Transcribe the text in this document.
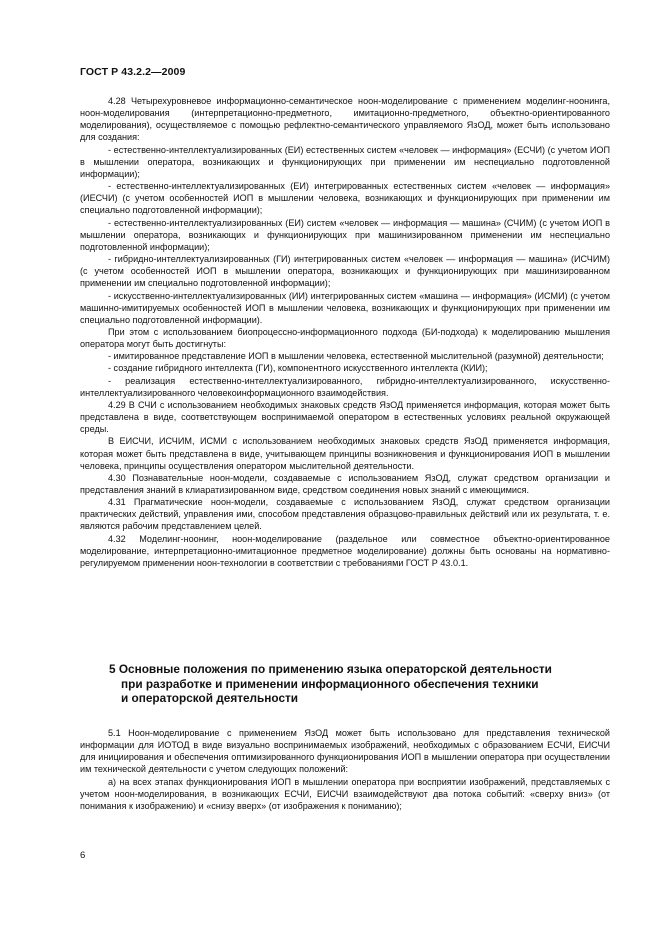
ГОСТ Р 43.2.2—2009

4.28 Четырехуровневое информационно-семантическое ноон-моделирование с применением моделинг-ноонинга, ноон-моделирования (интерпретационно-предметного, имитационно-предметного, объектно-ориентированного моделирования), осуществляемое с помощью рефлектно-семантического управляемого ЯзОД, может быть использовано для создания:

- естественно-интеллектуализированных (ЕИ) естественных систем «человек — информация» (ЕСЧИ) (с учетом ИОП в мышлении оператора, возникающих и функционирующих при применении им неспециально подготовленной информации);

- естественно-интеллектуализированных (ЕИ) интегрированных естественных систем «человек — информация» (ИЕСЧИ) (с учетом особенностей ИОП в мышлении человека, возникающих и функционирующих при применении им специально подготовленной информации);

- естественно-интеллектуализированных (ЕИ) систем «человек — информация — машина» (СЧИМ) (с учетом ИОП в мышлении оператора, возникающих и функционирующих при машинизированном применении им неспециально подготовленной информации);

- гибридно-интеллектуализированных (ГИ) интегрированных систем «человек — информация — машина» (ИСЧИМ) (с учетом особенностей ИОП в мышлении оператора, возникающих и функционирующих при машинизированном применении им специально подготовленной информации);

- искусственно-интеллектуализированных (ИИ) интегрированных систем «машина — информация» (ИСМИ) (с учетом машинно-имитируемых особенностей ИОП в мышлении человека, возникающих и функционирующих при применении им специально подготовленной информации).

При этом с использованием биопроцессно-информационного подхода (БИ-подхода) к моделированию мышления оператора могут быть достигнуты:

- имитированное представление ИОП в мышлении человека, естественной мыслительной (разумной) деятельности;

- создание гибридного интеллекта (ГИ), компонентного искусственного интеллекта (КИИ);

- реализация естественно-интеллектуализированного, гибридно-интеллектуализированного, искусственно-интеллектуализированного человекоинформационного взаимодействия.

4.29 В СЧИ с использованием необходимых знаковых средств ЯзОД применяется информация, которая может быть представлена в виде, соответствующем воспринимаемой оператором в естественных условиях реальной окружающей среды.

В ЕИСЧИ, ИСЧИМ, ИСМИ с использованием необходимых знаковых средств ЯзОД применяется информация, которая может быть представлена в виде, учитывающем принципы возникновения и функционирования ИОП в мышлении человека, принципы осуществления оператором мыслительной деятельности.

4.30 Познавательные ноон-модели, создаваемые с использованием ЯзОД, служат средством организации и представления знаний в клиаратизированном виде, средством соединения новых знаний с имеющимися.

4.31 Прагматические ноон-модели, создаваемые с использованием ЯзОД, служат средством организации практических действий, управления ими, способом представления образцово-правильных действий или их результата, т. е. являются рабочим представлением целей.

4.32 Моделинг-ноонинг, ноон-моделирование (раздельное или совместное объектно-ориентированное моделирование, интерпретационно-имитационное предметное моделирование) должны быть основаны на нормативно-регулируемом применении ноон-технологии в соответствии с требованиями ГОСТ Р 43.0.1.

5 Основные положения по применению языка операторской деятельности
при разработке и применении информационного обеспечения техники
и операторской деятельности

5.1 Ноон-моделирование с применением ЯзОД может быть использовано для представления технической информации для ИОТОД в виде визуально воспринимаемых изображений, необходимых с образованием ЕСЧИ, ЕИСЧИ для инициирования и обеспечения оптимизированного функционирования ИОП в мышлении оператора при осуществлении им технической деятельности с учетом следующих положений:

а) на всех этапах функционирования ИОП в мышлении оператора при восприятии изображений, представляемых с учетом ноон-моделирования, в возникающих ЕСЧИ, ЕИСЧИ взаимодействуют два потока событий: «сверху вниз» (от понимания к изображению) и «снизу вверх» (от изображения к пониманию);

6
